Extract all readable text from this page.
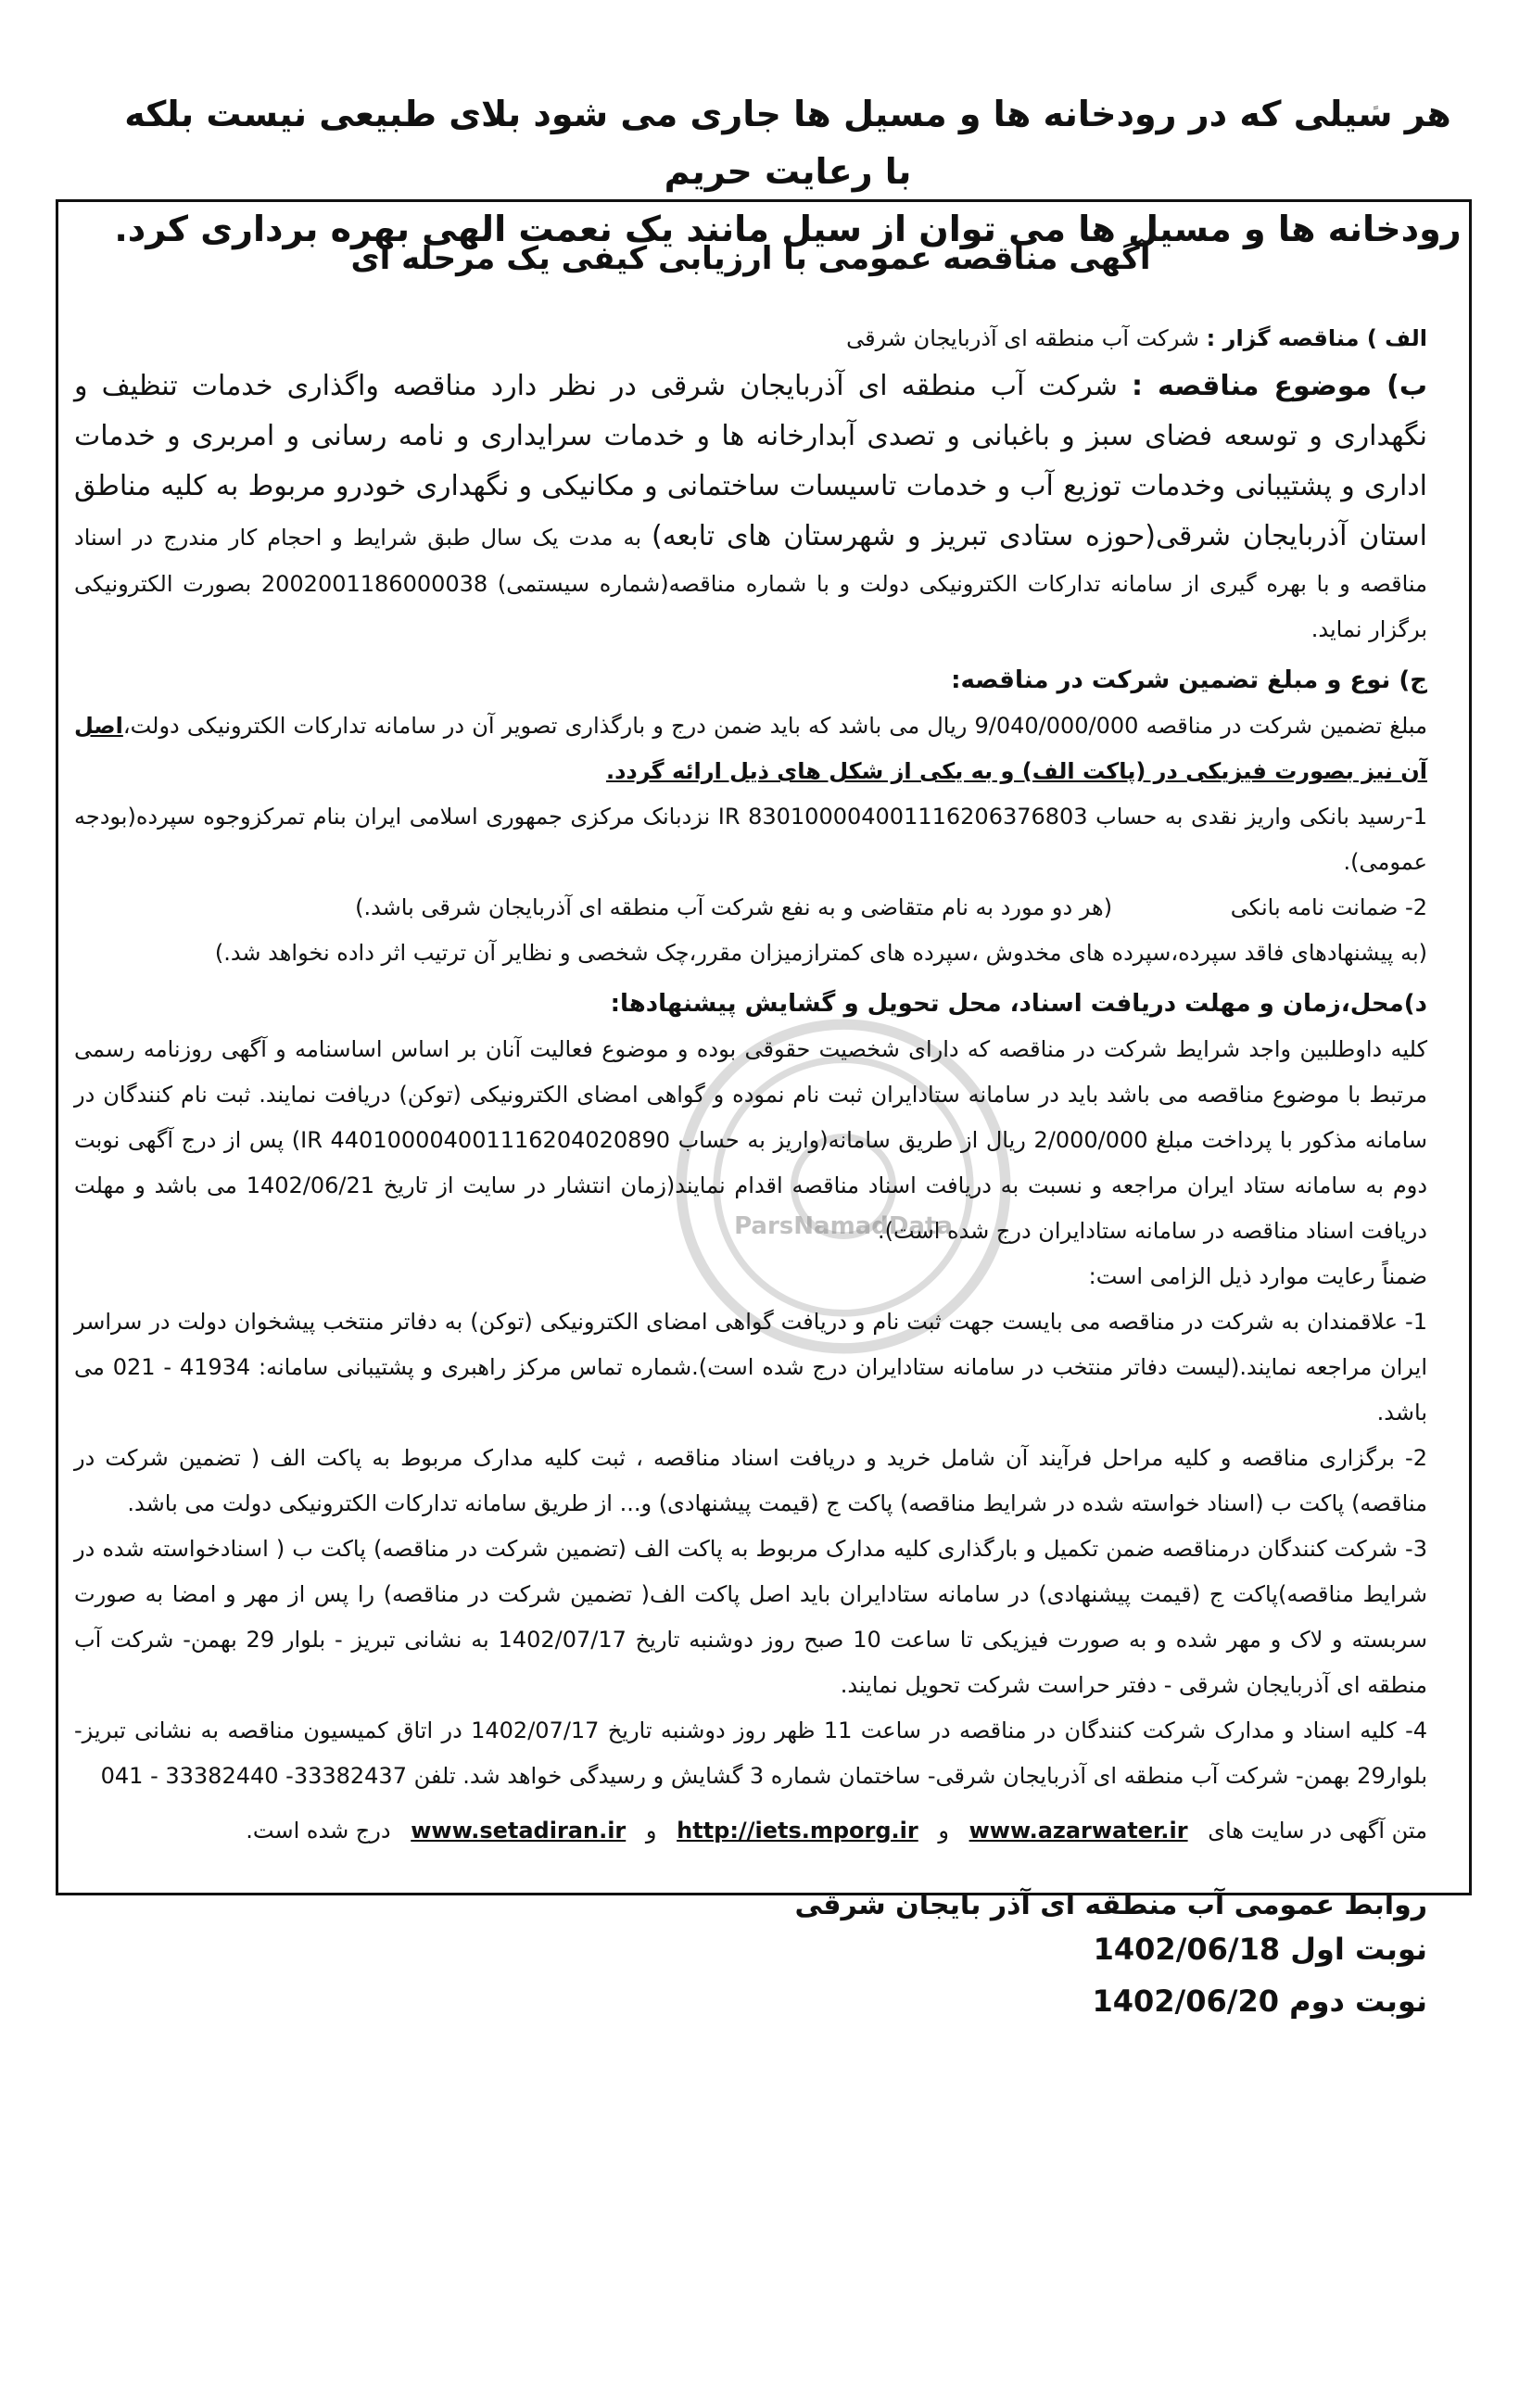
هر سیلی که در رودخانه ها و مسیل ها جاری می شود بلای طبیعی نیست بلکه با رعایت حریم
رودخانه ها و مسیل ها می توان از سیل مانند یک نعمت الهی بهره برداری کرد.
ParsNamadData
آگهی مناقصه عمومی با ارزیابی کیفی یک مرحله ای

الف ) مناقصه گزار : شرکت آب منطقه ای آذربایجان شرقی

ب) موضوع مناقصه : شرکت آب منطقه ای آذربایجان شرقی در نظر دارد مناقصه واگذاری خدمات تنظیف و نگهداری و توسعه فضای سبز و باغبانی و تصدی آبدارخانه ها و خدمات سرایداری و نامه رسانی و امربری و خدمات اداری و پشتیبانی وخدمات توزیع آب و خدمات تاسیسات ساختمانی و مکانیکی و نگهداری خودرو مربوط به کلیه مناطق استان آذربایجان شرقی(حوزه ستادی تبریز و شهرستان های تابعه) به مدت یک سال طبق شرایط و احجام کار مندرج در اسناد مناقصه و با بهره گیری از سامانه تدارکات الکترونیکی دولت و با شماره مناقصه(شماره سیستمی) 2002001186000038 بصورت الکترونیکی برگزار نماید.

ج) نوع و مبلغ تضمین شرکت در مناقصه:

مبلغ تضمین شرکت در مناقصه 9/040/000/000 ریال می باشد که باید ضمن درج و بارگذاری تصویر آن در سامانه تدارکات الکترونیکی دولت،اصل آن نیز بصورت فیزیکی در (پاکت الف) و به یکی از شکل های ذیل ارائه گردد.

1-رسید بانکی واریز نقدی به حساب IR 830100004001116206376803 نزدبانک مرکزی جمهوری اسلامی ایران بنام تمرکزوجوه سپرده(بودجه عمومی).

2- ضمانت نامه بانکی (هر دو مورد به نام متقاضی و به نفع شرکت آب منطقه ای آذربایجان شرقی باشد.)

(به پیشنهادهای فاقد سپرده،سپرده های مخدوش ،سپرده های کمترازمیزان مقرر،چک شخصی و نظایر آن ترتیب اثر داده نخواهد شد.)

د)محل،زمان و مهلت دریافت اسناد، محل تحویل و گشایش پیشنهادها:

کلیه داوطلبین واجد شرایط شرکت در مناقصه که دارای شخصیت حقوقی بوده و موضوع فعالیت آنان بر اساس اساسنامه و آگهی روزنامه رسمی مرتبط با موضوع مناقصه می باشد باید در سامانه ستادایران ثبت نام نموده و گواهی امضای الکترونیکی (توکن) دریافت نمایند. ثبت نام کنندگان در سامانه مذکور با پرداخت مبلغ 2/000/000 ریال از طریق سامانه(واریز به حساب IR 440100004001116204020890) پس از درج آگهی نوبت دوم به سامانه ستاد ایران مراجعه و نسبت به دریافت اسناد مناقصه اقدام نمایند(زمان انتشار در سایت از تاریخ 1402/06/21 می باشد و مهلت دریافت اسناد مناقصه در سامانه ستادایران درج شده است).

ضمناً رعایت موارد ذیل الزامی است:

1- علاقمندان به شرکت در مناقصه می بایست جهت ثبت نام و دریافت گواهی امضای الکترونیکی (توکن) به دفاتر منتخب پیشخوان دولت در سراسر ایران مراجعه نمایند.(لیست دفاتر منتخب در سامانه ستادایران درج شده است).شماره تماس مرکز راهبری و پشتیبانی سامانه: 41934 - 021 می باشد.

2- برگزاری مناقصه و کلیه مراحل فرآیند آن شامل خرید و دریافت اسناد مناقصه ، ثبت کلیه مدارک مربوط به پاکت الف ( تضمین شرکت در مناقصه) پاکت ب (اسناد خواسته شده در شرایط مناقصه) پاکت ج (قیمت پیشنهادی) و... از طریق سامانه تدارکات الکترونیکی دولت می باشد.

3- شرکت کنندگان درمناقصه ضمن تکمیل و بارگذاری کلیه مدارک مربوط به پاکت الف (تضمین شرکت در مناقصه) پاکت ب ( اسنادخواسته شده در شرایط مناقصه)پاکت ج (قیمت پیشنهادی) در سامانه ستادایران باید اصل پاکت الف( تضمین شرکت در مناقصه) را پس از مهر و امضا به صورت سربسته و لاک و مهر شده و به صورت فیزیکی تا ساعت 10 صبح روز دوشنبه تاریخ 1402/07/17 به نشانی تبریز - بلوار 29 بهمن- شرکت آب منطقه ای آذربایجان شرقی - دفتر حراست شرکت تحویل نمایند.

4- کلیه اسناد و مدارک شرکت کنندگان در مناقصه در ساعت 11 ظهر روز دوشنبه تاریخ 1402/07/17 در اتاق کمیسیون مناقصه به نشانی تبریز- بلوار29 بهمن- شرکت آب منطقه ای آذربایجان شرقی- ساختمان شماره 3 گشایش و رسیدگی خواهد شد. تلفن 33382437- 33382440 - 041

متن آگهی در سایت های www.azarwater.ir و http://iets.mporg.ir و www.setadiran.ir درج شده است.

روابط عمومی آب منطقه ای آذر بایجان شرقی
نوبت اول 1402/06/18
نوبت دوم 1402/06/20
